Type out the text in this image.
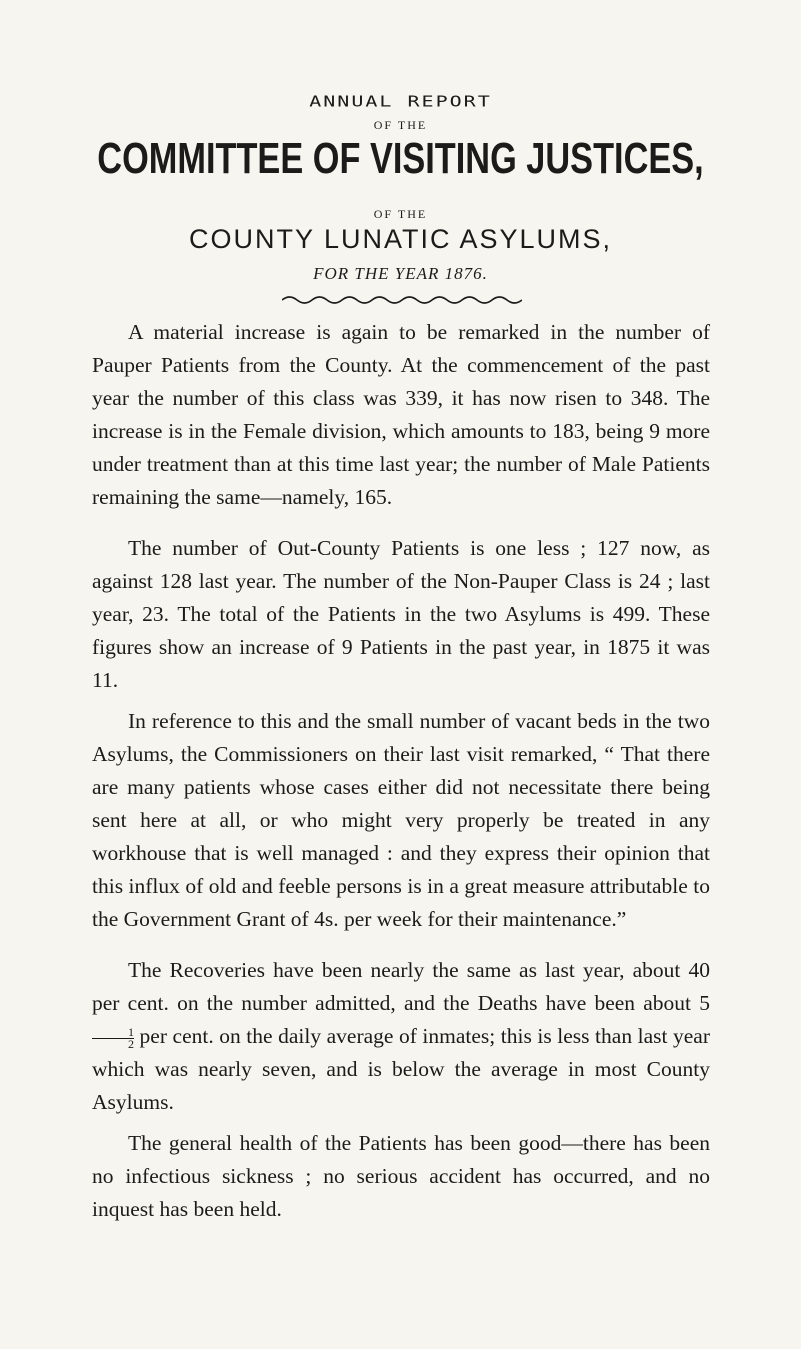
ANNUAL REPORT
OF THE
COMMITTEE OF VISITING JUSTICES,
OF THE
COUNTY LUNATIC ASYLUMS,
FOR THE YEAR 1876.

A material increase is again to be remarked in the number of Pauper Patients from the County. At the commencement of the past year the number of this class was 339, it has now risen to 348. The increase is in the Female division, which amounts to 183, being 9 more under treatment than at this time last year; the number of Male Patients remaining the same—namely, 165.

The number of Out-County Patients is one less ; 127 now, as against 128 last year. The number of the Non-Pauper Class is 24 ; last year, 23. The total of the Patients in the two Asylums is 499. These figures show an increase of 9 Patients in the past year, in 1875 it was 11.

In reference to this and the small number of vacant beds in the two Asylums, the Commissioners on their last visit remarked, “ That there are many patients whose cases either did not necessitate there being sent here at all, or who might very properly be treated in any workhouse that is well managed : and they express their opinion that this influx of old and feeble persons is in a great measure attributable to the Government Grant of 4s. per week for their maintenance.”

The Recoveries have been nearly the same as last year, about 40 per cent. on the number admitted, and the Deaths have been about 5
$\frac{1}{2}$ per cent. on the daily average of inmates; this is less than last year which was nearly seven, and is below the average in most County Asylums.

The general health of the Patients has been good—there has been no infectious sickness ; no serious accident has occurred, and no inquest has been held.
